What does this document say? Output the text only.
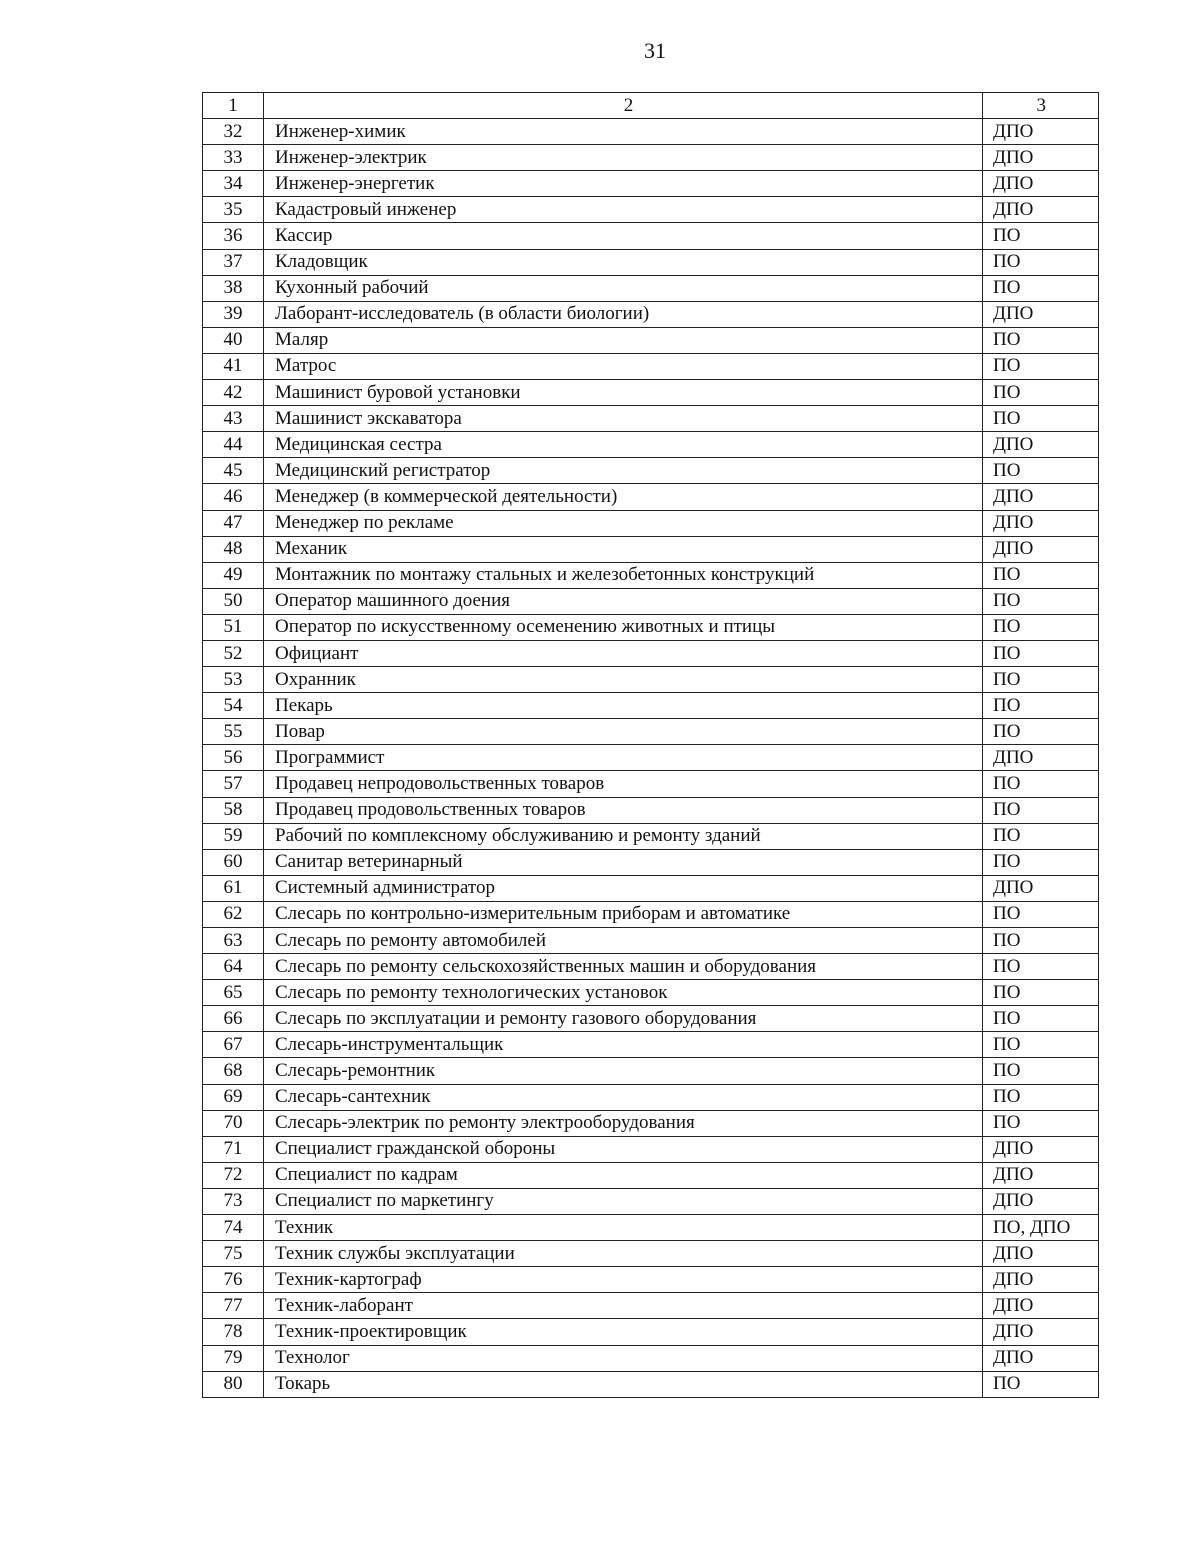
31
1	2	3
32	Инженер-химик	ДПО
33	Инженер-электрик	ДПО
34	Инженер-энергетик	ДПО
35	Кадастровый инженер	ДПО
36	Кассир	ПО
37	Кладовщик	ПО
38	Кухонный рабочий	ПО
39	Лаборант-исследователь (в области биологии)	ДПО
40	Маляр	ПО
41	Матрос	ПО
42	Машинист буровой установки	ПО
43	Машинист экскаватора	ПО
44	Медицинская сестра	ДПО
45	Медицинский регистратор	ПО
46	Менеджер (в коммерческой деятельности)	ДПО
47	Менеджер по рекламе	ДПО
48	Механик	ДПО
49	Монтажник по монтажу стальных и железобетонных конструкций	ПО
50	Оператор машинного доения	ПО
51	Оператор по искусственному осеменению животных и птицы	ПО
52	Официант	ПО
53	Охранник	ПО
54	Пекарь	ПО
55	Повар	ПО
56	Программист	ДПО
57	Продавец непродовольственных товаров	ПО
58	Продавец продовольственных товаров	ПО
59	Рабочий по комплексному обслуживанию и ремонту зданий	ПО
60	Санитар ветеринарный	ПО
61	Системный администратор	ДПО
62	Слесарь по контрольно-измерительным приборам и автоматике	ПО
63	Слесарь по ремонту автомобилей	ПО
64	Слесарь по ремонту сельскохозяйственных машин и оборудования	ПО
65	Слесарь по ремонту технологических установок	ПО
66	Слесарь по эксплуатации и ремонту газового оборудования	ПО
67	Слесарь-инструментальщик	ПО
68	Слесарь-ремонтник	ПО
69	Слесарь-сантехник	ПО
70	Слесарь-электрик по ремонту электрооборудования	ПО
71	Специалист гражданской обороны	ДПО
72	Специалист по кадрам	ДПО
73	Специалист по маркетингу	ДПО
74	Техник	ПО, ДПО
75	Техник службы эксплуатации	ДПО
76	Техник-картограф	ДПО
77	Техник-лаборант	ДПО
78	Техник-проектировщик	ДПО
79	Технолог	ДПО
80	Токарь	ПО
